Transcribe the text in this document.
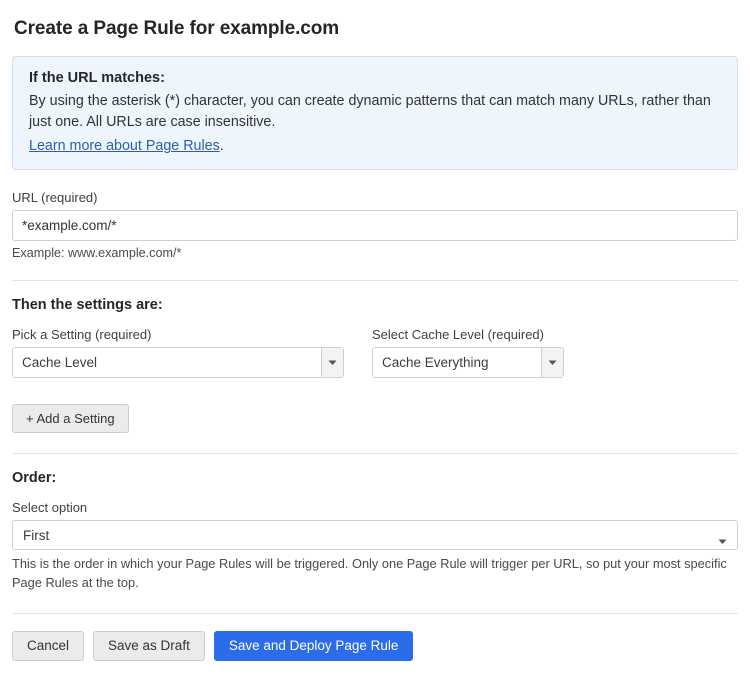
Create a Page Rule for example.com
If the URL matches:
By using the asterisk (*) character, you can create dynamic patterns that can match many URLs, rather than just one. All URLs are case insensitive.
Learn more about Page Rules.
URL (required)
*example.com/*
Example: www.example.com/*
Then the settings are:
Pick a Setting (required)
Cache Level
Select Cache Level (required)
Cache Everything
+ Add a Setting
Order:
Select option
First
This is the order in which your Page Rules will be triggered. Only one Page Rule will trigger per URL, so put your most specific Page Rules at the top.
Cancel	Save as Draft	Save and Deploy Page Rule
